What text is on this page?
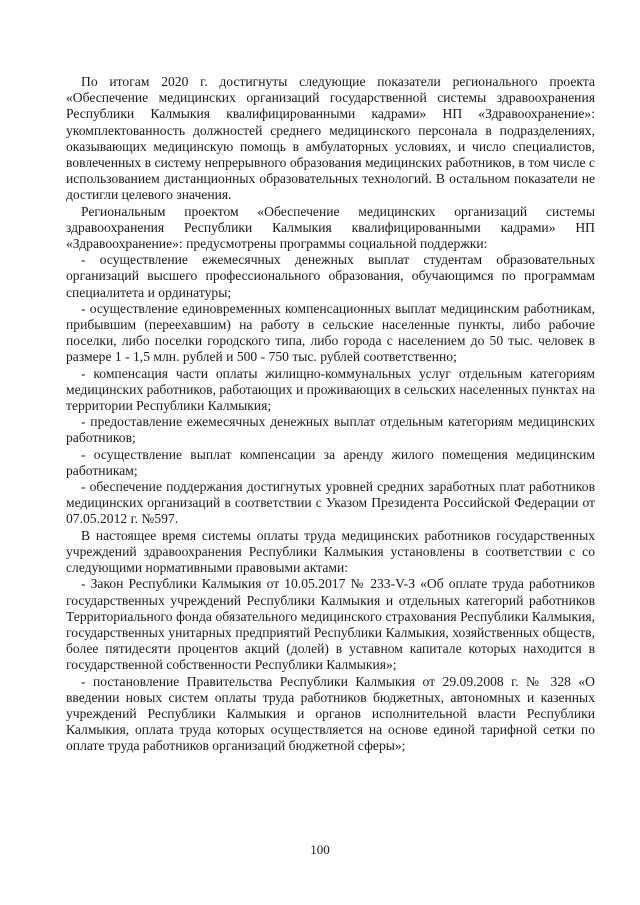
По итогам 2020 г. достигнуты следующие показатели регионального проекта «Обеспечение медицинских организаций государственной системы здравоохранения Республики Калмыкия квалифицированными кадрами» НП «Здравоохранение»: укомплектованность должностей среднего медицинского персонала в подразделениях, оказывающих медицинскую помощь в амбулаторных условиях, и число специалистов, вовлеченных в систему непрерывного образования медицинских работников, в том числе с использованием дистанционных образовательных технологий. В остальном показатели не достигли целевого значения.

Региональным проектом «Обеспечение медицинских организаций системы здравоохранения Республики Калмыкия квалифицированными кадрами» НП «Здравоохранение»: предусмотрены программы социальной поддержки:

- осуществление ежемесячных денежных выплат студентам образовательных организаций высшего профессионального образования, обучающимся по программам специалитета и ординатуры;

- осуществление единовременных компенсационных выплат медицинским работникам, прибывшим (переехавшим) на работу в сельские населенные пункты, либо рабочие поселки, либо поселки городского типа, либо города с населением до 50 тыс. человек в размере 1 - 1,5 млн. рублей и 500 - 750 тыс. рублей соответственно;

- компенсация части оплаты жилищно-коммунальных услуг отдельным категориям медицинских работников, работающих и проживающих в сельских населенных пунктах на территории Республики Калмыкия;

- предоставление ежемесячных денежных выплат отдельным категориям медицинских работников;

- осуществление выплат компенсации за аренду жилого помещения медицинским работникам;

- обеспечение поддержания достигнутых уровней средних заработных плат работников медицинских организаций в соответствии с Указом Президента Российской Федерации от 07.05.2012 г. №597.

В настоящее время системы оплаты труда медицинских работников государственных учреждений здравоохранения Республики Калмыкия установлены в соответствии с со следующими нормативными правовыми актами:

- Закон Республики Калмыкия от 10.05.2017 № 233-V-З «Об оплате труда работников государственных учреждений Республики Калмыкия и отдельных категорий работников Территориального фонда обязательного медицинского страхования Республики Калмыкия, государственных унитарных предприятий Республики Калмыкия, хозяйственных обществ, более пятидесяти процентов акций (долей) в уставном капитале которых находится в государственной собственности Республики Калмыкия»;

- постановление Правительства Республики Калмыкия от 29.09.2008 г. № 328 «О введении новых систем оплаты труда работников бюджетных, автономных и казенных учреждений Республики Калмыкия и органов исполнительной власти Республики Калмыкия, оплата труда которых осуществляется на основе единой тарифной сетки по оплате труда работников организаций бюджетной сферы»;

100
